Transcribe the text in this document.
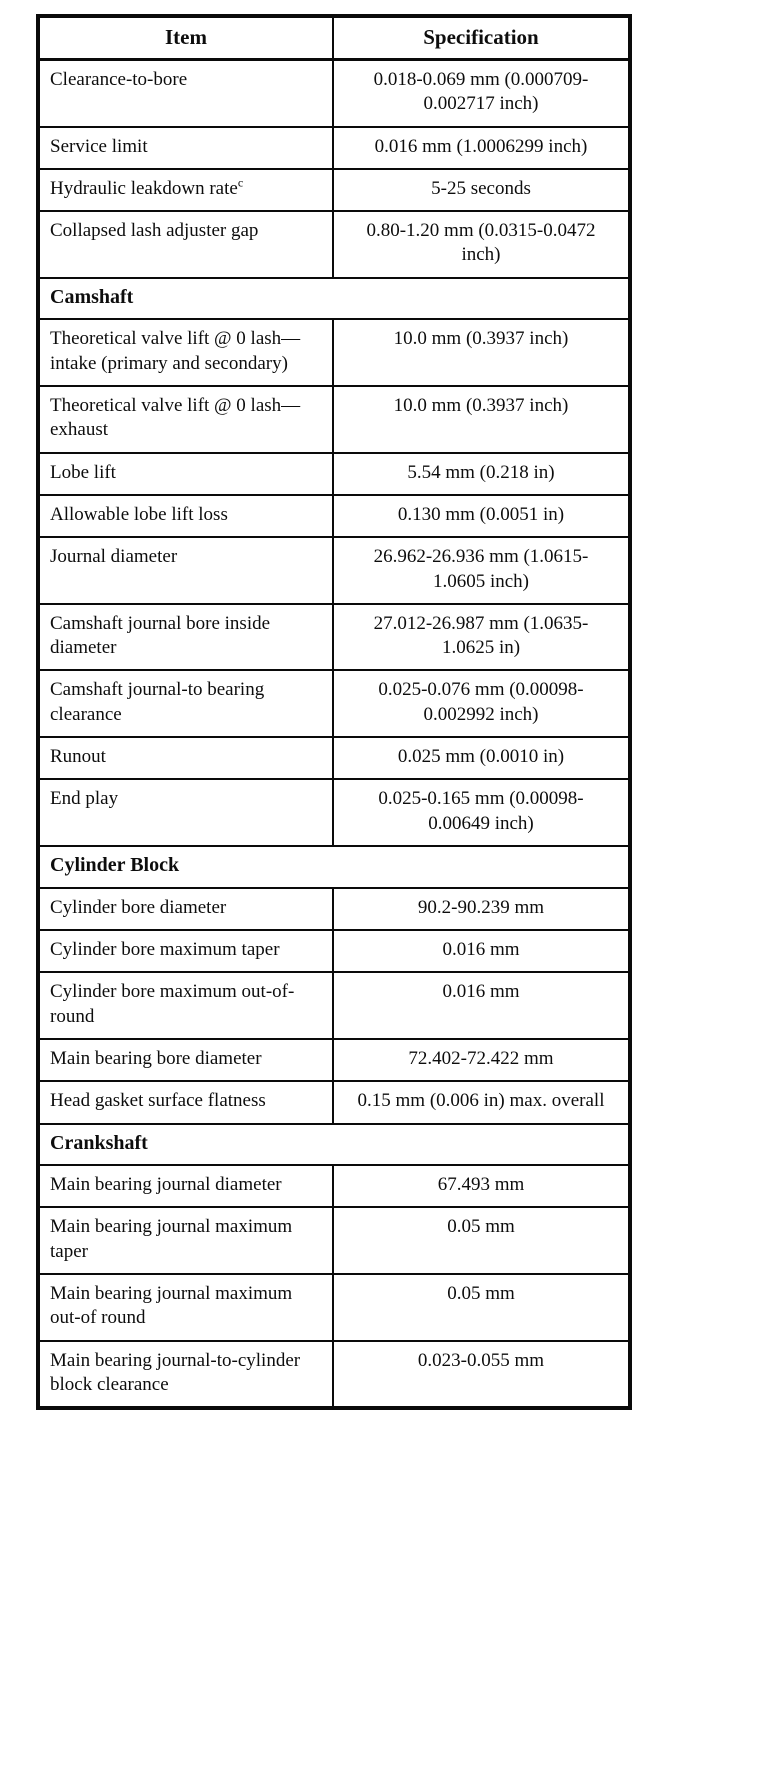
Item	Specification
Clearance-to-bore	0.018-0.069 mm (0.000709-0.002717 inch)
Service limit	0.016 mm (1.0006299 inch)
Hydraulic leakdown rate$^c$	5-25 seconds
Collapsed lash adjuster gap	0.80-1.20 mm (0.0315-0.0472 inch)
Camshaft	
Theoretical valve lift @ 0 lash—intake (primary and secondary)	10.0 mm (0.3937 inch)
Theoretical valve lift @ 0 lash—exhaust	10.0 mm (0.3937 inch)
Lobe lift	5.54 mm (0.218 in)
Allowable lobe lift loss	0.130 mm (0.0051 in)
Journal diameter	26.962-26.936 mm (1.0615-1.0605 inch)
Camshaft journal bore inside diameter	27.012-26.987 mm (1.0635-1.0625 in)
Camshaft journal-to bearing clearance	0.025-0.076 mm (0.00098-0.002992 inch)
Runout	0.025 mm (0.0010 in)
End play	0.025-0.165 mm (0.00098-0.00649 inch)
Cylinder Block	
Cylinder bore diameter	90.2-90.239 mm
Cylinder bore maximum taper	0.016 mm
Cylinder bore maximum out-of-round	0.016 mm
Main bearing bore diameter	72.402-72.422 mm
Head gasket surface flatness	0.15 mm (0.006 in) max. overall
Crankshaft	
Main bearing journal diameter	67.493 mm
Main bearing journal maximum taper	0.05 mm
Main bearing journal maximum out-of round	0.05 mm
Main bearing journal-to-cylinder block clearance	0.023-0.055 mm
